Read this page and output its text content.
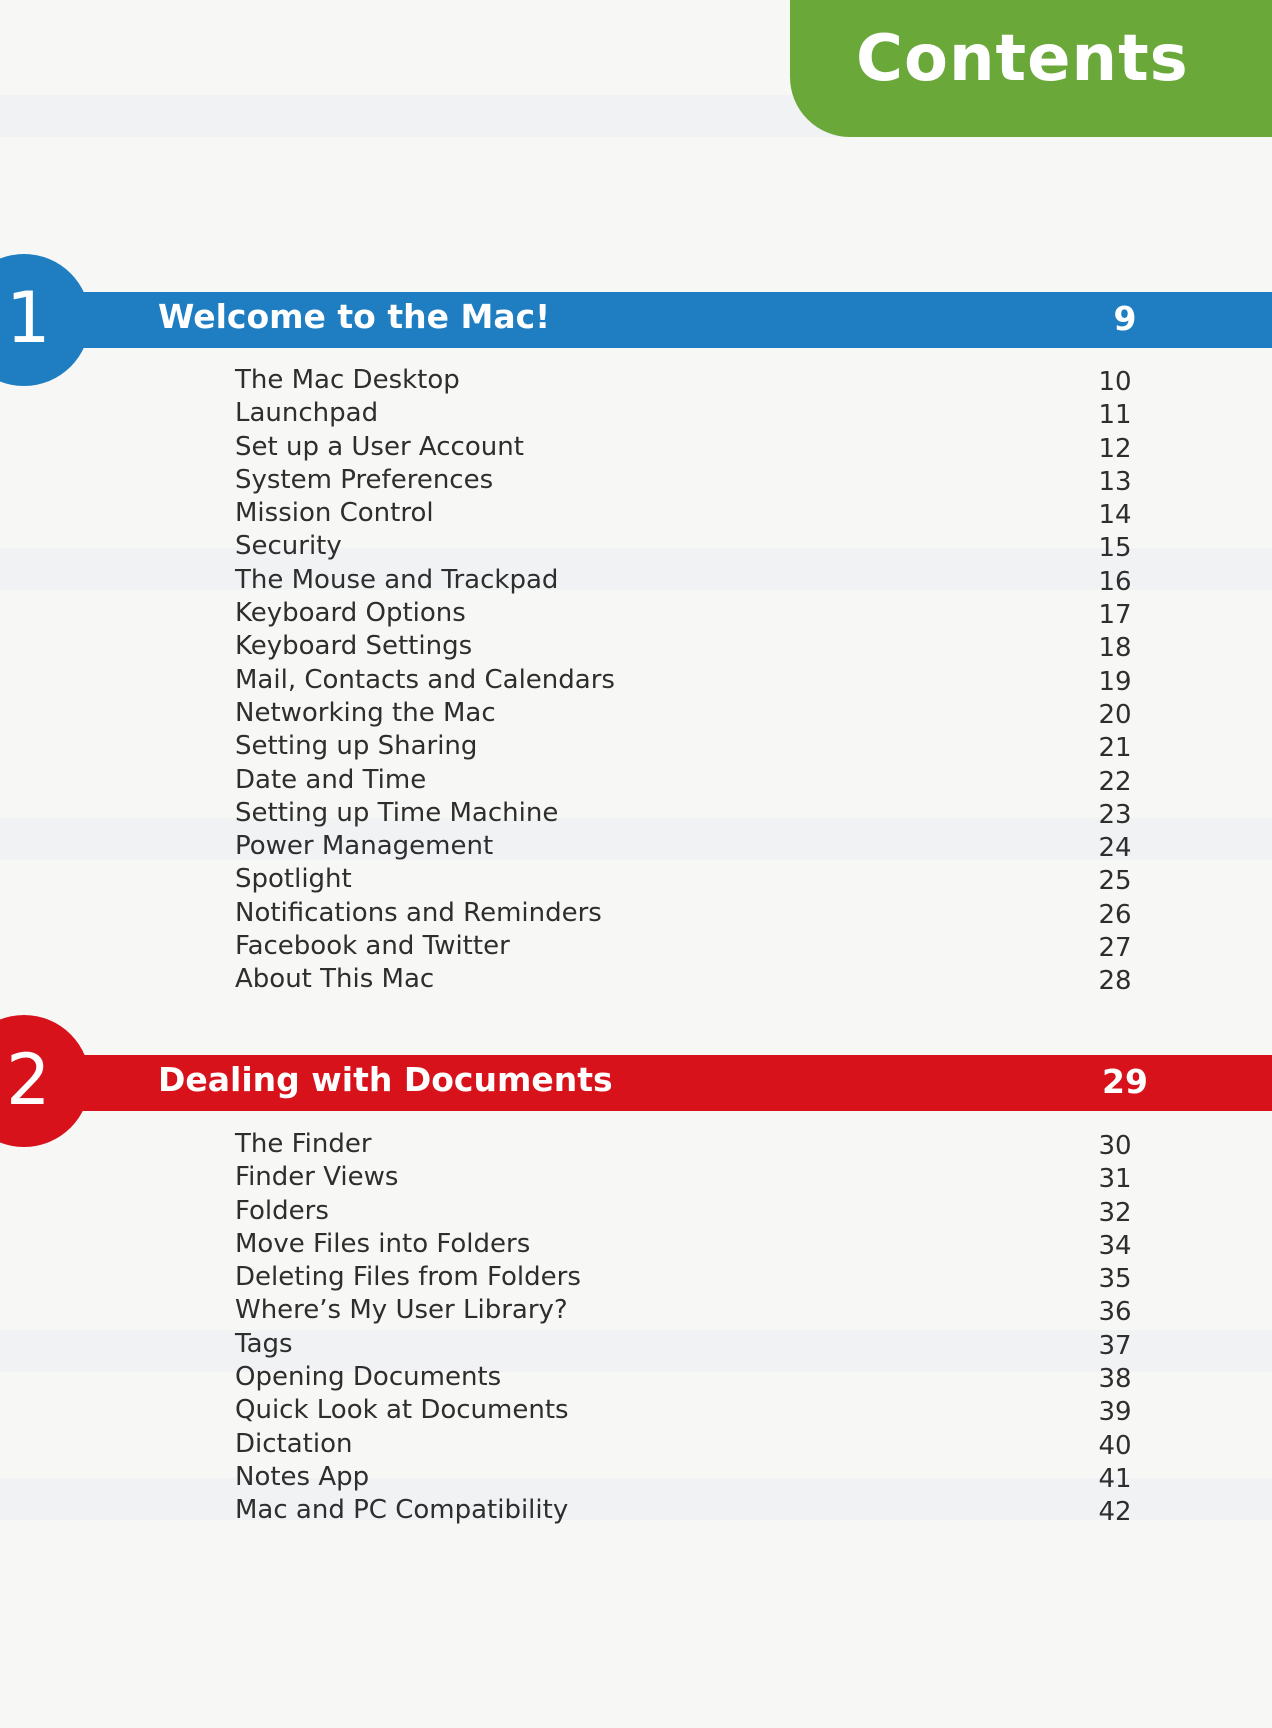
Contents
1	Welcome to the Mac!	9
The Mac Desktop	10
Launchpad	11
Set up a User Account	12
System Preferences	13
Mission Control	14
Security	15
The Mouse and Trackpad	16
Keyboard Options	17
Keyboard Settings	18
Mail, Contacts and Calendars	19
Networking the Mac	20
Setting up Sharing	21
Date and Time	22
Setting up Time Machine	23
Power Management	24
Spotlight	25
Notifications and Reminders	26
Facebook and Twitter	27
About This Mac	28
2	Dealing with Documents	29
The Finder	30
Finder Views	31
Folders	32
Move Files into Folders	34
Deleting Files from Folders	35
Where’s My User Library?	36
Tags	37
Opening Documents	38
Quick Look at Documents	39
Dictation	40
Notes App	41
Mac and PC Compatibility	42
